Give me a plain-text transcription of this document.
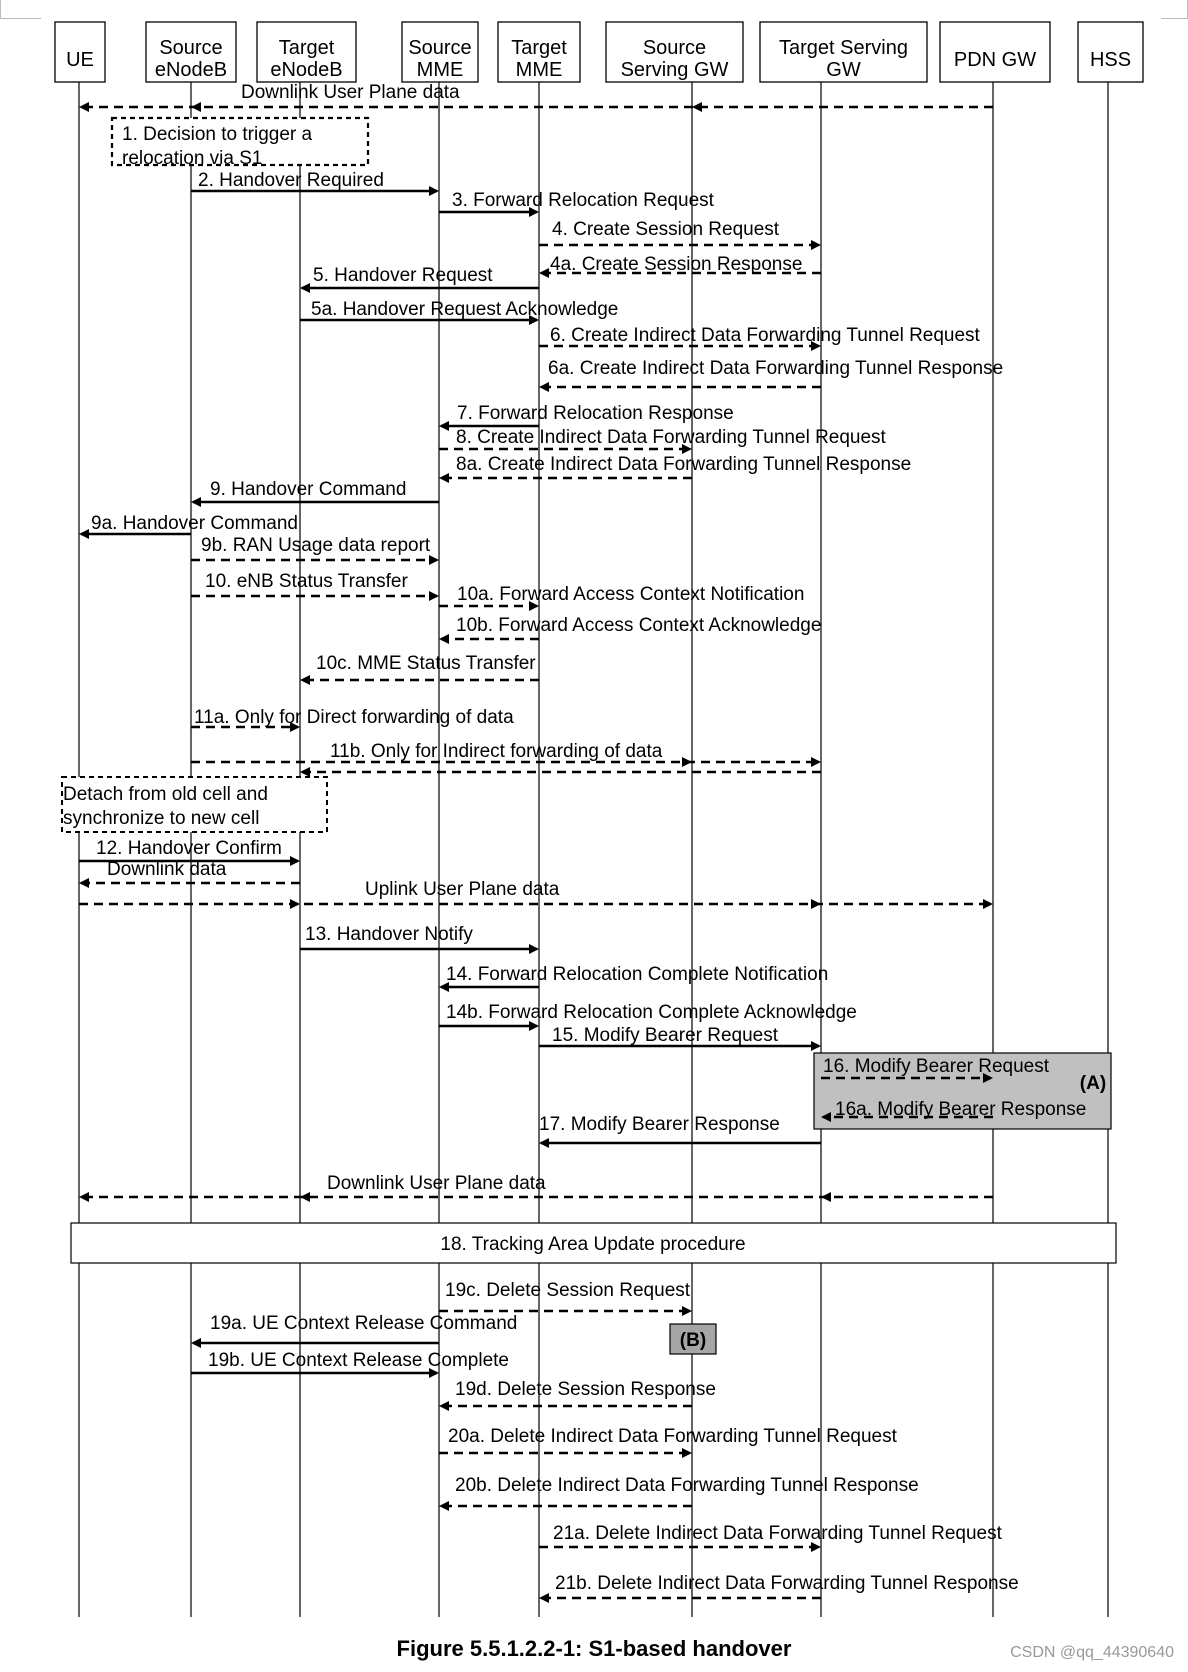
UE
Source
eNodeB
Target
eNodeB
Source
MME
Target
MME
Source
Serving GW
Target Serving
GW	PDN GW	HSS
1. Decision to trigger a
relocation via S1
Detach from old cell and
synchronize to new cell
18. Tracking Area Update procedure
(A)
(B)
Downlink User Plane data
2. Handover Required
3. Forward Relocation Request
4. Create Session Request
4a. Create Session Response
5. Handover Request
5a. Handover Request Acknowledge
6. Create Indirect Data Forwarding Tunnel Request
6a. Create Indirect Data Forwarding Tunnel Response
7. Forward Relocation Response
8. Create Indirect Data Forwarding Tunnel Request
8a. Create Indirect Data Forwarding Tunnel Response
9. Handover Command
9a. Handover Command
9b. RAN Usage data report
10. eNB Status Transfer
10a. Forward Access Context Notification
10b. Forward Access Context Acknowledge
10c. MME Status Transfer
11a. Only for Direct forwarding of data
11b. Only for Indirect forwarding of data
12. Handover Confirm
Downlink data
Uplink User Plane data
13. Handover Notify
14. Forward Relocation Complete Notification
14b. Forward Relocation Complete Acknowledge
15. Modify Bearer Request
16. Modify Bearer Request
16a. Modify Bearer Response
17. Modify Bearer Response
Downlink User Plane data
19c. Delete Session Request
19a. UE Context Release Command
19b. UE Context Release Complete
19d. Delete Session Response
20a. Delete Indirect Data Forwarding Tunnel Request
20b. Delete Indirect Data Forwarding Tunnel Response
21a. Delete Indirect Data Forwarding Tunnel Request
21b. Delete Indirect Data Forwarding Tunnel Response
Figure 5.5.1.2.2-1: S1-based handover	CSDN @qq_44390640
